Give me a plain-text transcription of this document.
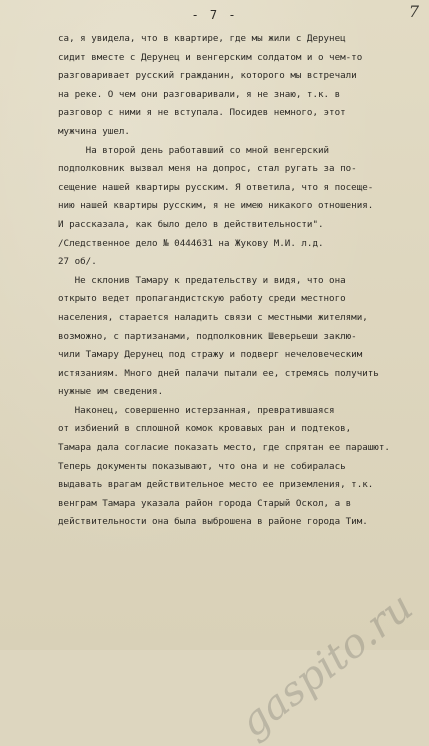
- 7 -	7
са, я увидела, что в квартире, где мы жили с Дерунец
сидит вместе с Дерунец и венгерским солдатом и о чем-то
разговаривает русский гражданин, которого мы встречали
на реке. О чем они разговаривали, я не знаю, т.к. в
разговор с ними я не вступала. Посидев немного, этот
мужчина ушел.
На второй день работавший со мной венгерский
подполковник вызвал меня на допрос, стал ругать за по-
сещение нашей квартиры русским. Я ответила, что я посеще-
нию нашей квартиры русским, я не имею никакого отношения.
И рассказала, как было дело в действительности".
/Следственное дело № 0444631 на Жукову М.И. л.д.
27 об/.
Не склонив Тамару к предательству и видя, что она
открыто ведет пропагандистскую работу среди местного
населения, старается наладить связи с местными жителями,
возможно, с партизанами, подполковник Шеверьеши заклю-
чили Тамару Дерунец под стражу и подверг нечеловеческим
истязаниям. Много дней палачи пытали ее, стремясь получить
нужные им сведения.
Наконец, совершенно истерзанная, превратившаяся
от избиений в сплошной комок кровавых ран и подтеков,
Тамара дала согласие показать место, где спрятан ее парашют.
Теперь документы показывают, что она и не собиралась
выдавать врагам действительное место ее приземления, т.к.
венграм Тамара указала район города Старый Оскол, а в
действительности она была выброшена в районе города Тим.
gaspito.ru
